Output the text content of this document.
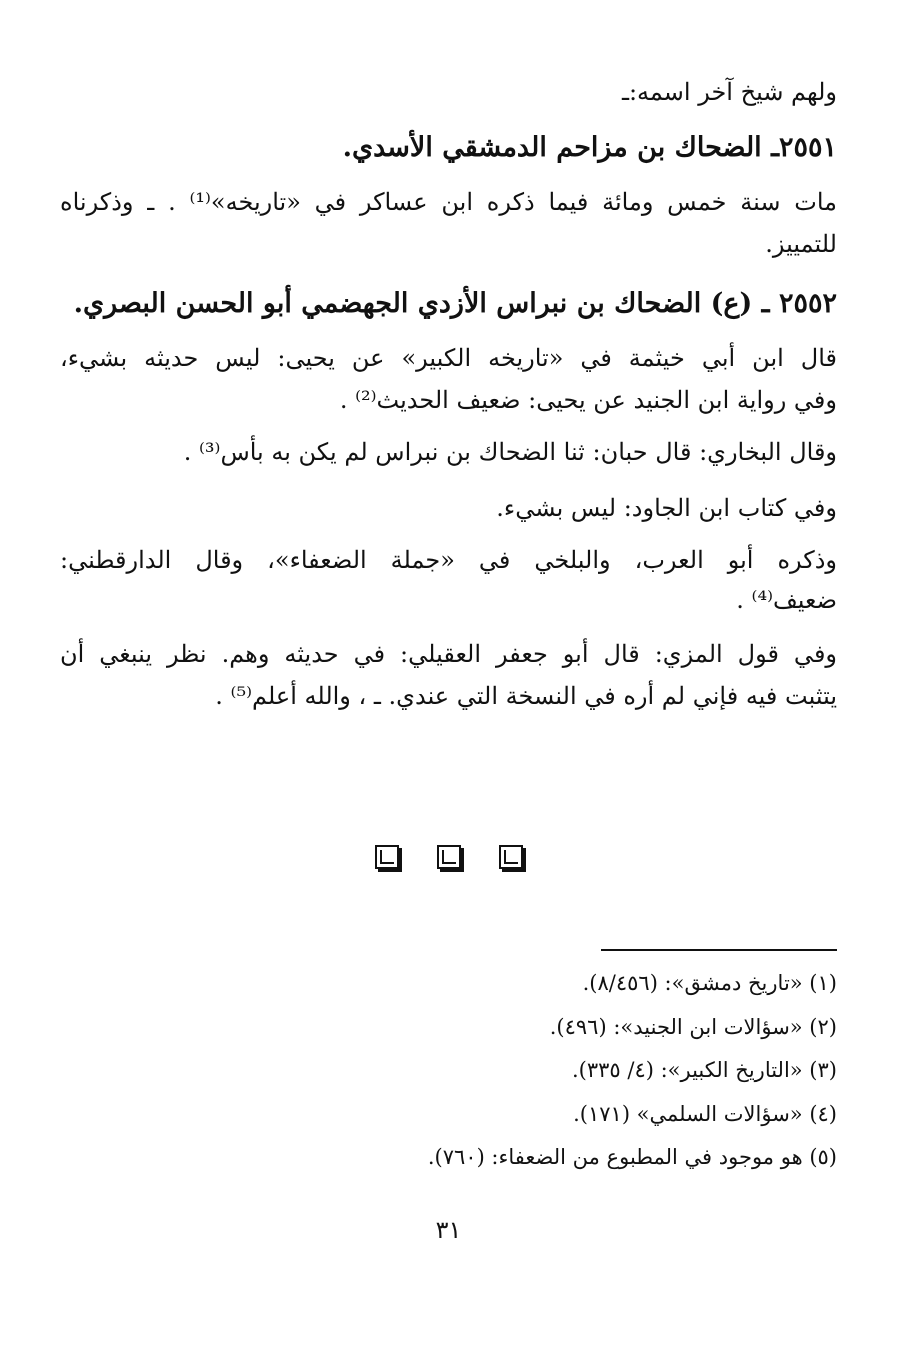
ولهم شيخ آخر اسمه:ـ
٢٥٥١ـ الضحاك بن مزاحم الدمشقي الأسدي.
مات سنة خمس ومائة فيما ذكره ابن عساكر في «تاريخه»⁽¹⁾ . ـ وذكرناه
للتمييز.
٢٥٥٢ ـ (ع) الضحاك بن نبراس الأزدي الجهضمي أبو الحسن البصري.
قال ابن أبي خيثمة في «تاريخه الكبير» عن يحيى: ليس حديثه بشيء،
وفي رواية ابن الجنيد عن يحيى: ضعيف الحديث⁽²⁾ .
وقال البخاري: قال حبان: ثنا الضحاك بن نبراس لم يكن به بأس⁽³⁾ .
وفي كتاب ابن الجاود: ليس بشيء.
وذكره أبو العرب، والبلخي في «جملة الضعفاء»، وقال الدارقطني:
ضعيف⁽⁴⁾ .
وفي قول المزي: قال أبو جعفر العقيلي: في حديثه وهم. نظر ينبغي أن
يتثبت فيه فإني لم أره في النسخة التي عندي. ـ ، والله أعلم⁽⁵⁾ .
(١) «تاريخ دمشق»: (٨/٤٥٦).
(٢) «سؤالات ابن الجنيد»: (٤٩٦).
(٣) «التاريخ الكبير»: (٤/ ٣٣٥).
(٤) «سؤالات السلمي» (١٧١).
(٥) هو موجود في المطبوع من الضعفاء: (٧٦٠).
٣١
